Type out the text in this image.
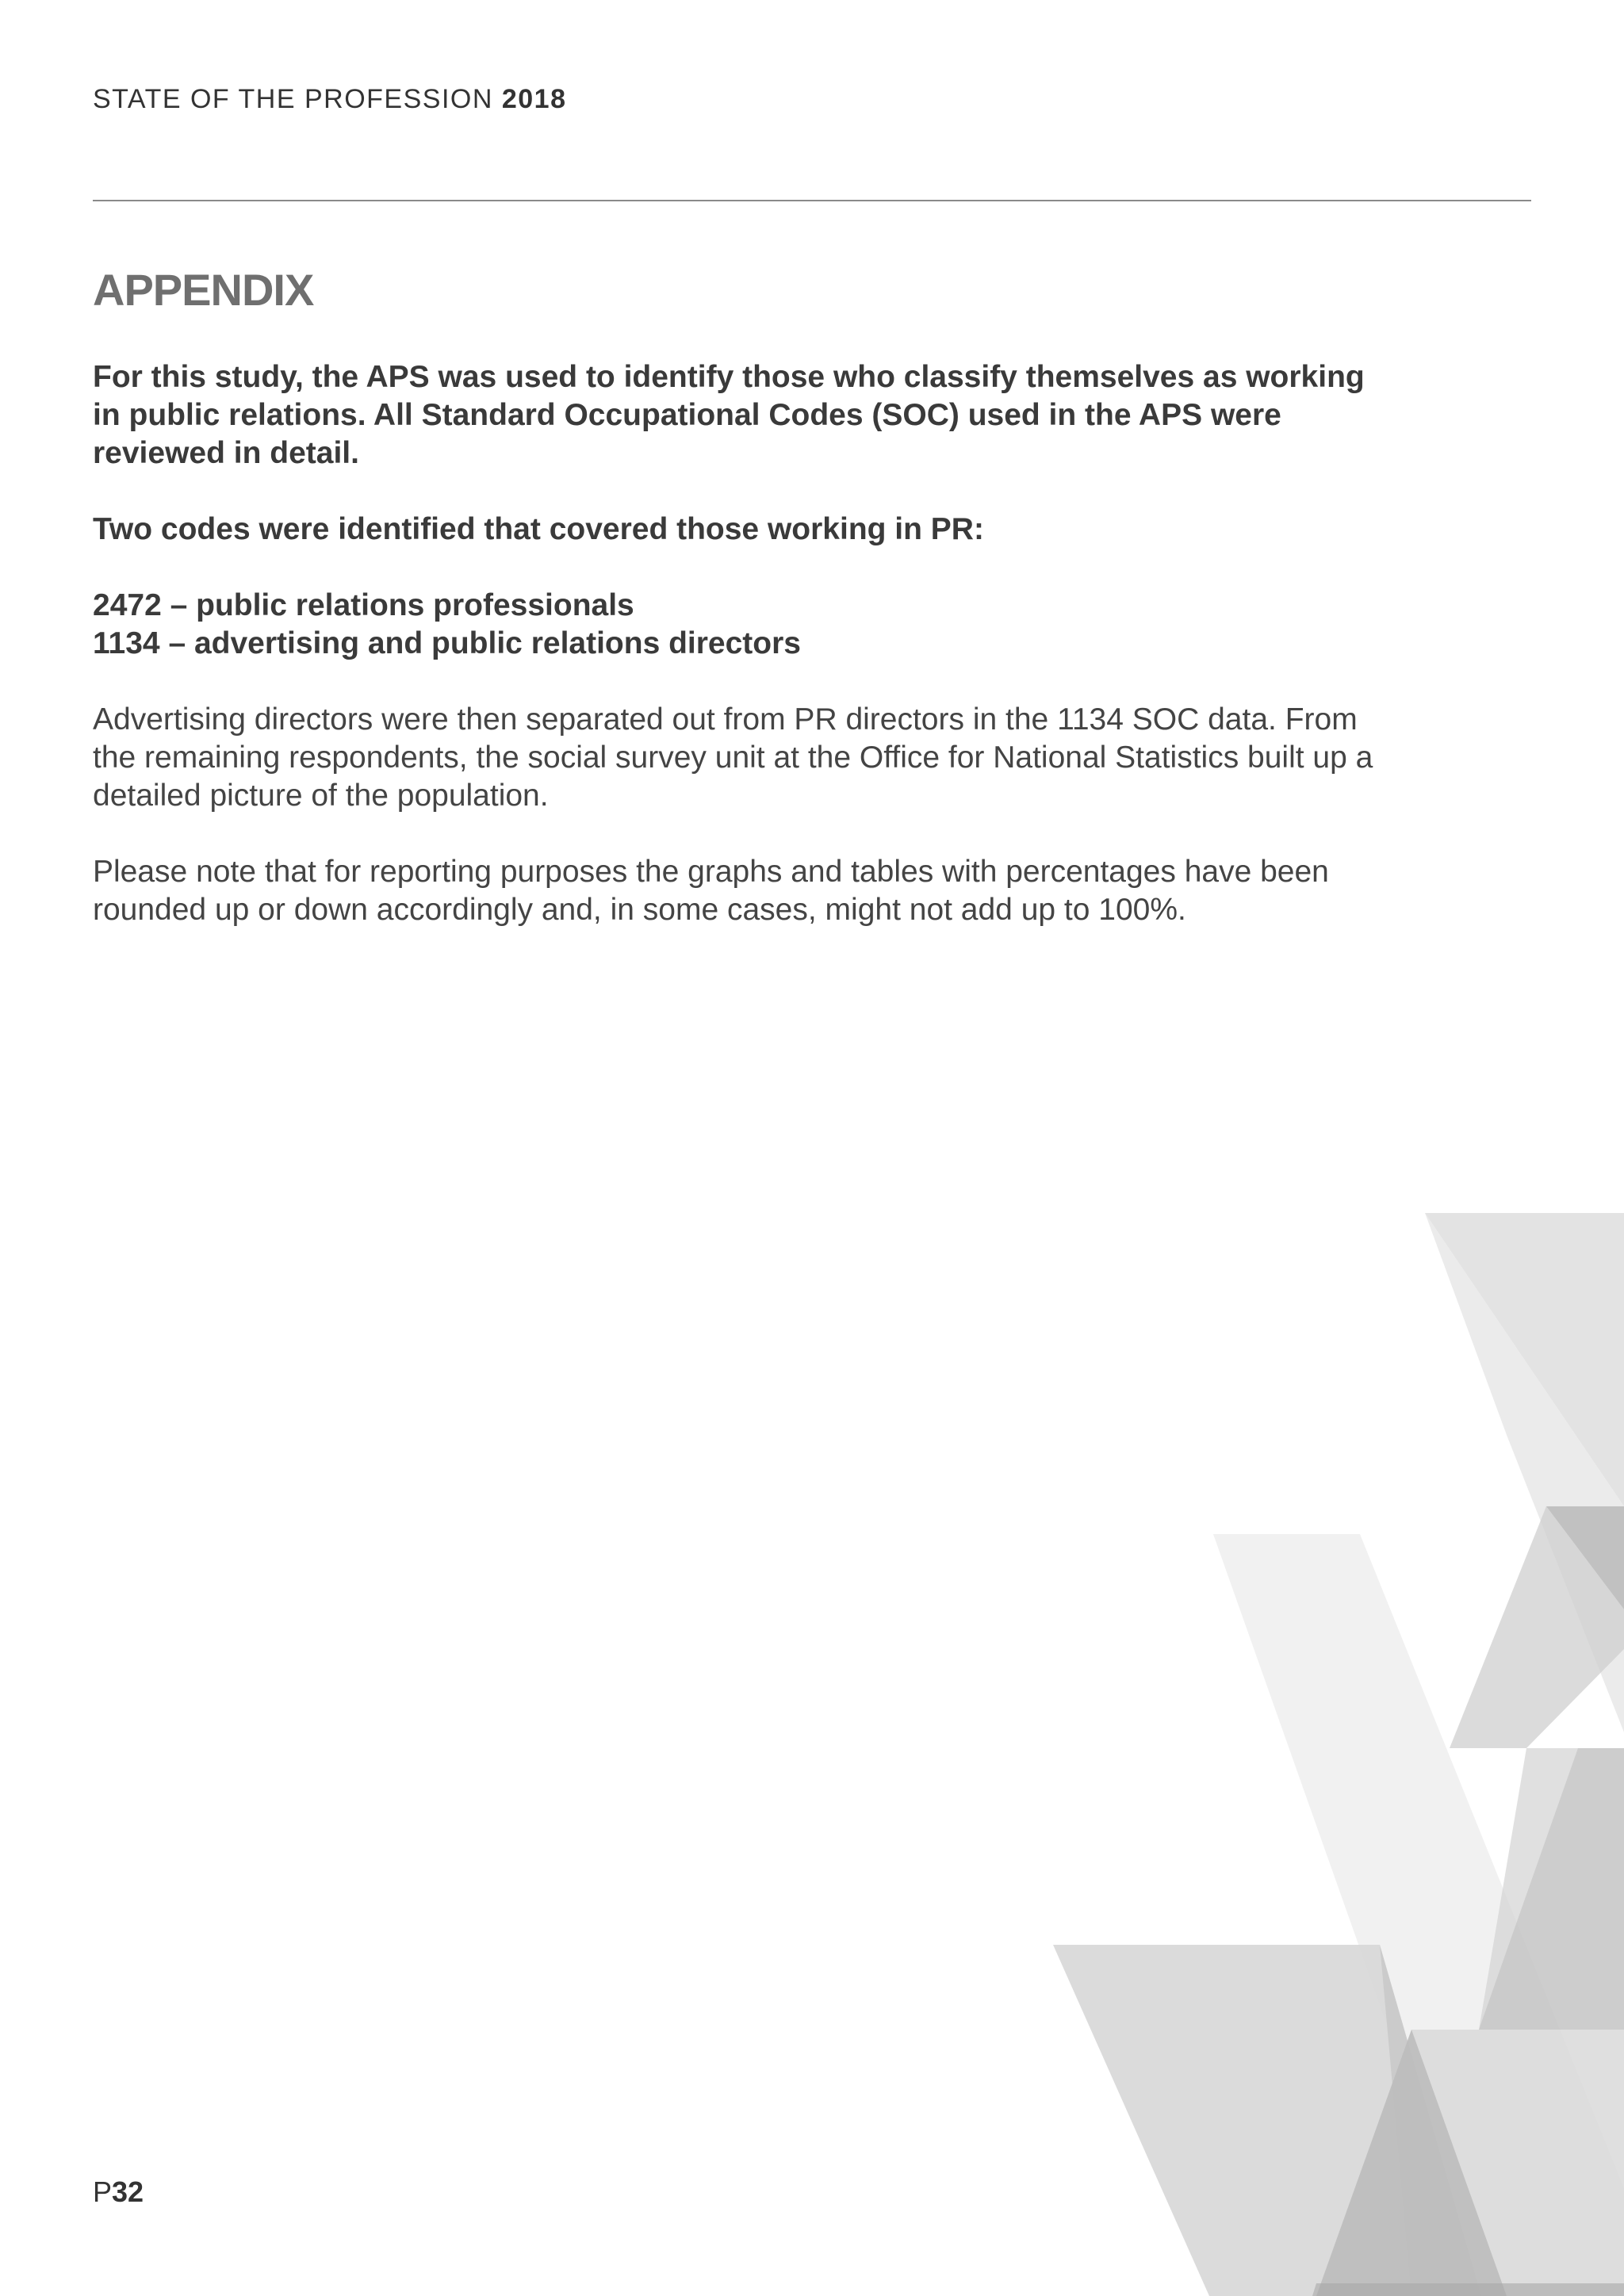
STATE OF THE PROFESSION 2018
APPENDIX

For this study, the APS was used to identify those who classify themselves as working in public relations. All Standard Occupational Codes (SOC) used in the APS were reviewed in detail.

Two codes were identified that covered those working in PR:

2472 – public relations professionals
1134 – advertising and public relations directors

Advertising directors were then separated out from PR directors in the 1134 SOC data. From the remaining respondents, the social survey unit at the Office for National Statistics built up a detailed picture of the population.

Please note that for reporting purposes the graphs and tables with percentages have been rounded up or down accordingly and, in some cases, might not add up to 100%.

P32
